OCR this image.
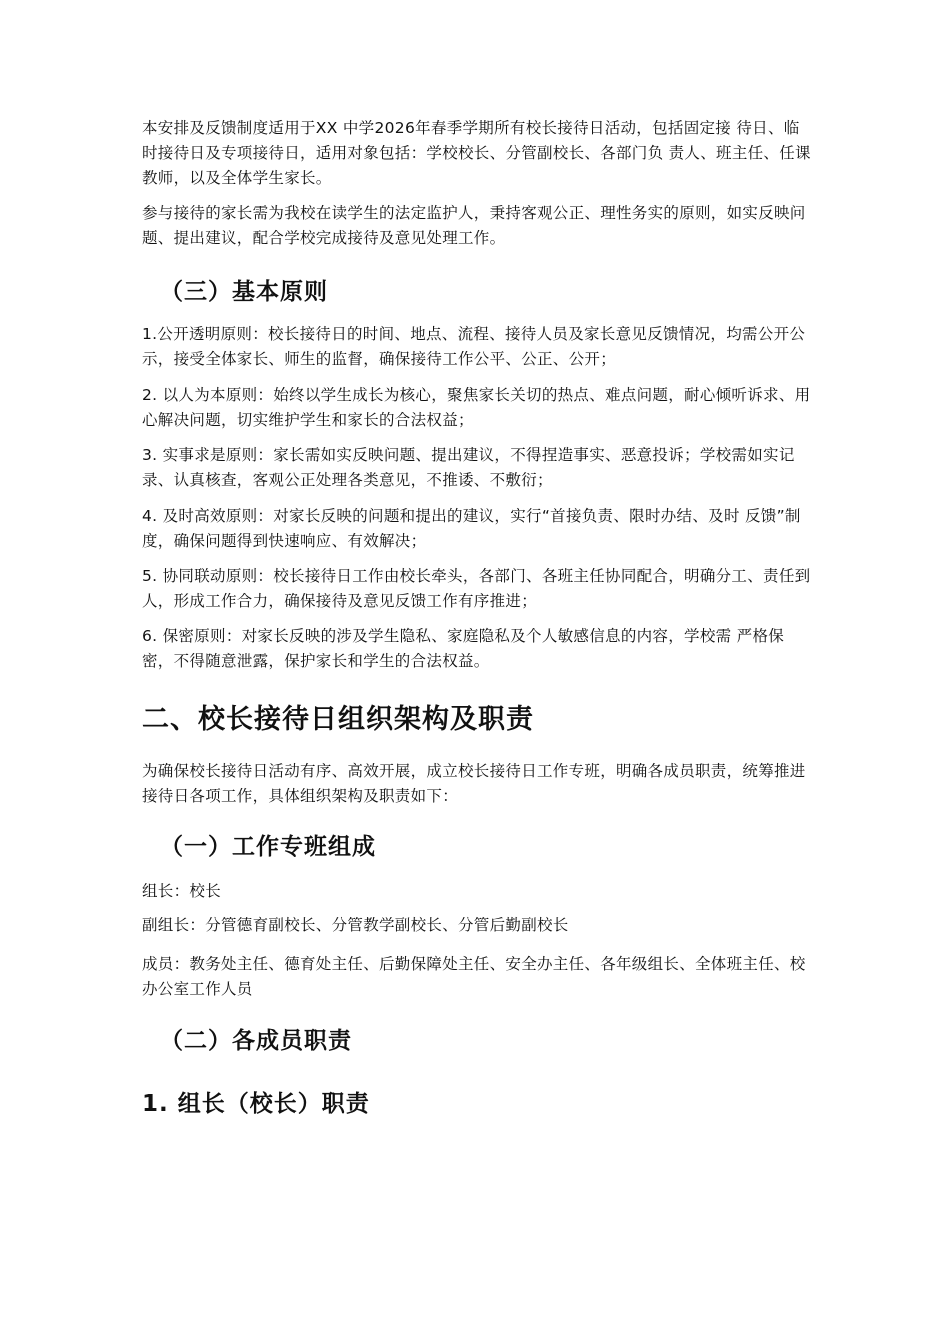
本安排及反馈制度适用于XX 中学2026年春季学期所有校长接待日活动，包括固定接 待日、临时接待日及专项接待日，适用对象包括：学校校长、分管副校长、各部门负 责人、班主任、任课教师，以及全体学生家长。

参与接待的家长需为我校在读学生的法定监护人，秉持客观公正、理性务实的原则，如实反映问题、提出建议，配合学校完成接待及意见处理工作。

（三）基本原则

1.公开透明原则：校长接待日的时间、地点、流程、接待人员及家长意见反馈情况，均需公开公示，接受全体家长、师生的监督，确保接待工作公平、公正、公开；

2. 以人为本原则：始终以学生成长为核心，聚焦家长关切的热点、难点问题，耐心倾听诉求、用心解决问题，切实维护学生和家长的合法权益；

3. 实事求是原则：家长需如实反映问题、提出建议，不得捏造事实、恶意投诉；学校需如实记录、认真核查，客观公正处理各类意见，不推诿、不敷衍；

4. 及时高效原则：对家长反映的问题和提出的建议，实行“首接负责、限时办结、及时 反馈”制度，确保问题得到快速响应、有效解决；

5. 协同联动原则：校长接待日工作由校长牵头，各部门、各班主任协同配合，明确分工、责任到人，形成工作合力，确保接待及意见反馈工作有序推进；

6. 保密原则：对家长反映的涉及学生隐私、家庭隐私及个人敏感信息的内容，学校需 严格保密，不得随意泄露，保护家长和学生的合法权益。

二、校长接待日组织架构及职责

为确保校长接待日活动有序、高效开展，成立校长接待日工作专班，明确各成员职责，统筹推进接待日各项工作，具体组织架构及职责如下：

（一）工作专班组成

组长：校长

副组长：分管德育副校长、分管教学副校长、分管后勤副校长

成员：教务处主任、德育处主任、后勤保障处主任、安全办主任、各年级组长、全体班主任、校办公室工作人员

（二）各成员职责
1. 组长（校长）职责
